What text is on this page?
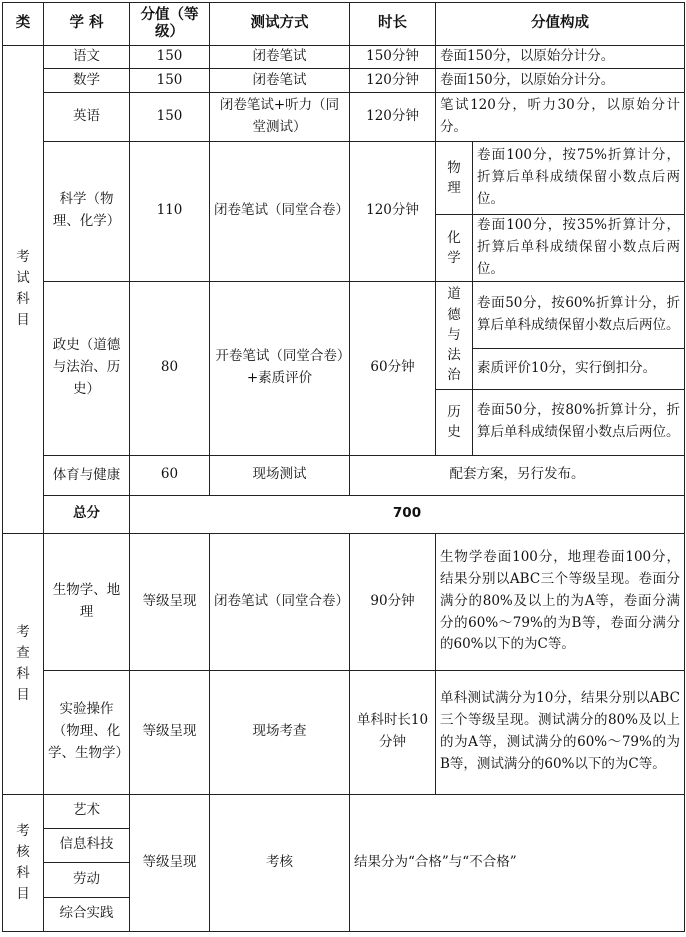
类	学 科	分值（等级）	测试方式	时长	分值构成	
考试科目	语文	150	闭卷笔试	150分钟	卷面150分，以原始分计分。	
	数学	150	闭卷笔试	120分钟	卷面150分，以原始分计分。	
	英语	150	闭卷笔试+听力（同堂测试）	120分钟	笔试120分，听力30分，以原始分计分。	
	科学（物理、化学）	110	闭卷笔试（同堂合卷）	120分钟	物理	卷面100分，按75%折算计分，折算后单科成绩保留小数点后两位。
					化学	卷面100分，按35%折算计分，折算后单科成绩保留小数点后两位。
	政史（道德与法治、历史）	80	开卷笔试（同堂合卷）+素质评价	60分钟	道德与法治	卷面50分，按60%折算计分，折算后单科成绩保留小数点后两位。
						素质评价10分，实行倒扣分。
					历史	卷面50分，按80%折算计分，折算后单科成绩保留小数点后两位。
	体育与健康	60	现场测试	配套方案，另行发布。		
	总分	700				

考查科目	生物学、地理	等级呈现	闭卷笔试（同堂合卷）	90分钟	生物学卷面100分，地理卷面100分，结果分别以ABC三个等级呈现。卷面分满分的80%及以上的为A等，卷面分满分的60%～79%的为B等，卷面分满分的60%以下的为C等。	
	实验操作（物理、化学、生物学）	等级呈现	现场考查	单科时长10分钟	单科测试满分为10分，结果分别以ABC三个等级呈现。测试满分的80%及以上的为A等，测试满分的60%～79%的为B等，测试满分的60%以下的为C等。	
考核科目	艺术	等级呈现	考核	结果分为“合格”与“不合格”		
	信息科技					
	劳动					
	综合实践					
